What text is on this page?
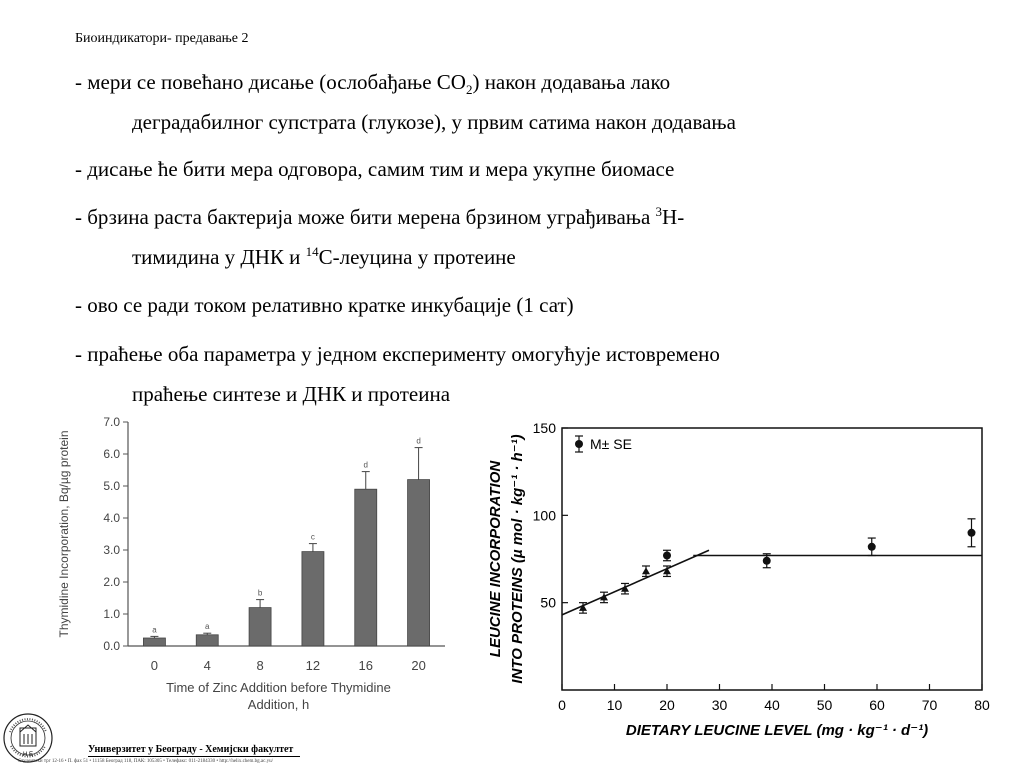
Биоиндикатори- предавање 2
- мери се повећано дисање (ослобађање $CO_2$) након додавања лако
деградабилног супстрата (глукозе), у првим сатима након додавања
- дисање ће бити мера одговора, самим тим и мера укупне биомасе
- брзина раста бактерија може бити мерена брзином уграђивања $^3$H-
тимидина у ДНК и $^{14}$C-леуцина у протеине
- ово се ради током релативно кратке инкубације (1 сат)
- праћење оба параметра у једном експерименту омогућује истовремено
праћење синтезе и ДНК и протеина
0.0
1.0
2.0
3.0
4.0
5.0
6.0
7.0
a
0
a
4
b
8
c
12
d
16
d
20
Thymidine Incorporation, Bq/µg protein
Time of Zinc Addition before Thymidine
Addition, h	0	10	20	30	40	50	60	70	80
50
100
150
M± SE
LEUCINE INCORPORATION INTO PROTEINS (µ mol · kg⁻¹ · h⁻¹)
DIETARY LEUCINE LEVEL (mg · kg⁻¹ · d⁻¹)
Н Е	Универзитет у Београду - Хемијски факултет
Студентски трг 12-16 • П. фах 51 • 11158 Београд 118, ПАК: 105305 • Телефакс: 011-2184330 • http://helix.chem.bg.ac.yu/
